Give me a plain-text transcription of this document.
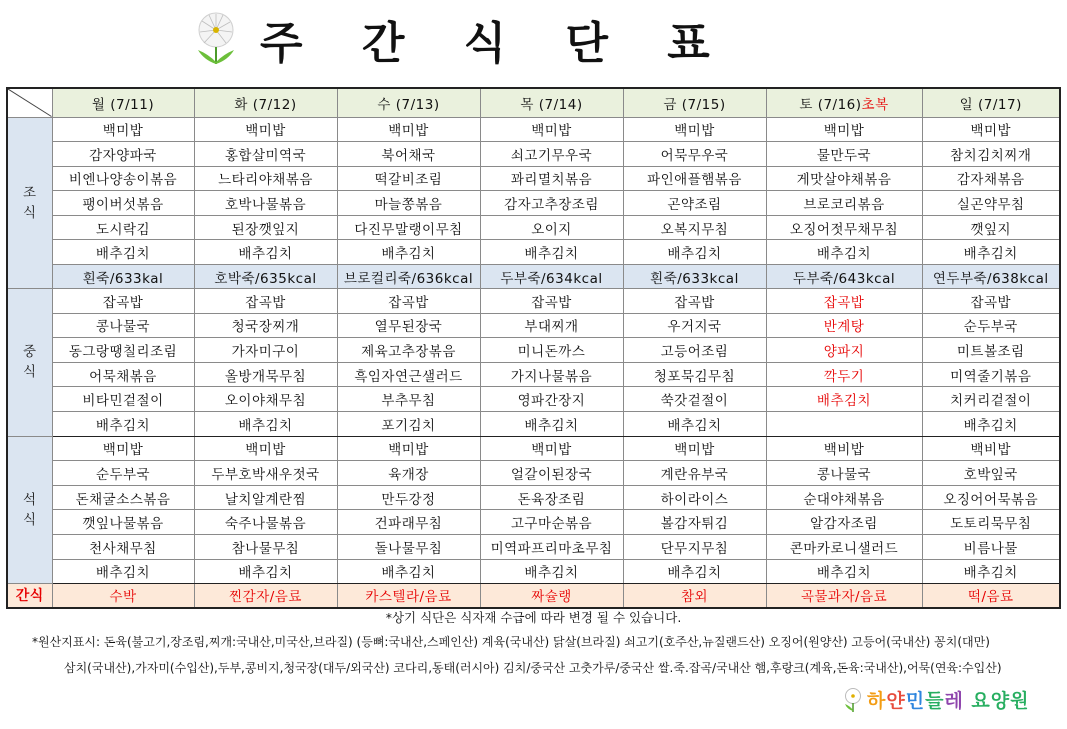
주 간 식 단 표
	월 (7/11)	화 (7/12)	수 (7/13)	목 (7/14)	금 (7/15)	토 (7/16)초복	일 (7/17)
조
식	백미밥	백미밥	백미밥	백미밥	백미밥	백미밥	백미밥
	감자양파국	홍합살미역국	북어채국	쇠고기무우국	어묵무우국	물만두국	참치김치찌개
	비엔나양송이볶음	느타리야채볶음	떡갈비조림	꽈리멸치볶음	파인애플햄볶음	게맛살야채볶음	감자채볶음
	팽이버섯볶음	호박나물볶음	마늘쫑볶음	감자고추장조림	곤약조림	브로코리볶음	실곤약무침
	도시락김	된장깻잎지	다진무말랭이무침	오이지	오복지무침	오징어젓무채무침	깻잎지
	배추김치	배추김치	배추김치	배추김치	배추김치	배추김치	배추김치
	흰죽/633kal	호박죽/635kcal	브로컬리죽/636kcal	두부죽/634kcal	흰죽/633kcal	두부죽/643kcal	연두부죽/638kcal
중
식	잡곡밥	잡곡밥	잡곡밥	잡곡밥	잡곡밥	잡곡밥	잡곡밥
	콩나물국	청국장찌개	열무된장국	부대찌개	우거지국	반계탕	순두부국
	동그랑땡칠리조림	가자미구이	제육고추장볶음	미니돈까스	고등어조림	양파지	미트볼조림
	어묵채볶음	올방개묵무침	흑임자연근샐러드	가지나물볶음	청포묵김무침	깍두기	미역줄기볶음
	비타민겉절이	오이야채무침	부추무침	영파간장지	쑥갓겉절이	배추김치	치커리겉절이
	배추김치	배추김치	포기김치	배추김치	배추김치		배추김치
석
식	백미밥	백미밥	백미밥	백미밥	백미밥	백비밥	백비밥
	순두부국	두부호박새우젓국	육개장	얼갈이된장국	계란유부국	콩나물국	호박잎국
	돈채굴소스볶음	날치알계란찜	만두강정	돈육장조림	하이라이스	순대야채볶음	오징어어묵볶음
	깻잎나물볶음	숙주나물볶음	건파래무침	고구마순볶음	볼감자튀김	알감자조림	도토리묵무침
	천사채무침	참나물무침	돌나물무침	미역파프리마초무침	단무지무침	콘마카로니샐러드	비름나물
	배추김치	배추김치	배추김치	배추김치	배추김치	배추김치	배추김치
간식	수박	찐감자/음료	카스텔라/음료	짜슐랭	참외	곡물과자/음료	떡/음료
*상기 식단은 식자재 수급에 따라 변경 될 수 있습니다.
*원산지표시: 돈육(불고기,장조림,찌개:국내산,미국산,브라질) (등뼈:국내산,스페인산) 계육(국내산) 닭살(브라질) 쇠고기(호주산,뉴질랜드산) 오징어(원양산) 고등어(국내산) 꽁치(대만)
삼치(국내산),가자미(수입산),두부,콩비지,청국장(대두/외국산) 코다리,동태(러시아) 김치/중국산 고춧가루/중국산 쌀.죽.잡곡/국내산 햄,후랑크(계육,돈육:국내산),어묵(연육:수입산)
하얀민들레 요양원
